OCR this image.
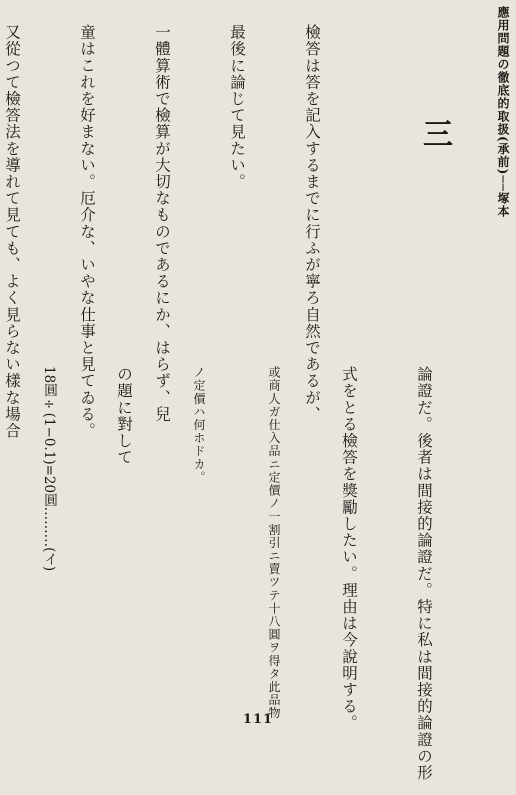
應用問題の徹底的取扱(承前)──塚本
三

檢答は答を記入するまでに行ふが寧ろ自然であるが、

最後に論じて見たい。

一體算術で檢算が大切なものであるにか、はらず、兒

童はこれを好まない。厄介な、いやな仕事と見てゐる。

又從つて檢答法を導れて見ても、よく見らない樣な場合

論證だ。後者は間接的論證だ。特に私は間接的論證の形

式をとる檢答を獎勵したい。理由は今說明する。

或商人ガ仕入品ニ定價ノ一割引ニ賣ツテ十八圓ヲ得タ此品物

ノ定價ハ何ホドカ。

の題に對して

18圓÷(1−0.1)=20圓………(イ)

111
